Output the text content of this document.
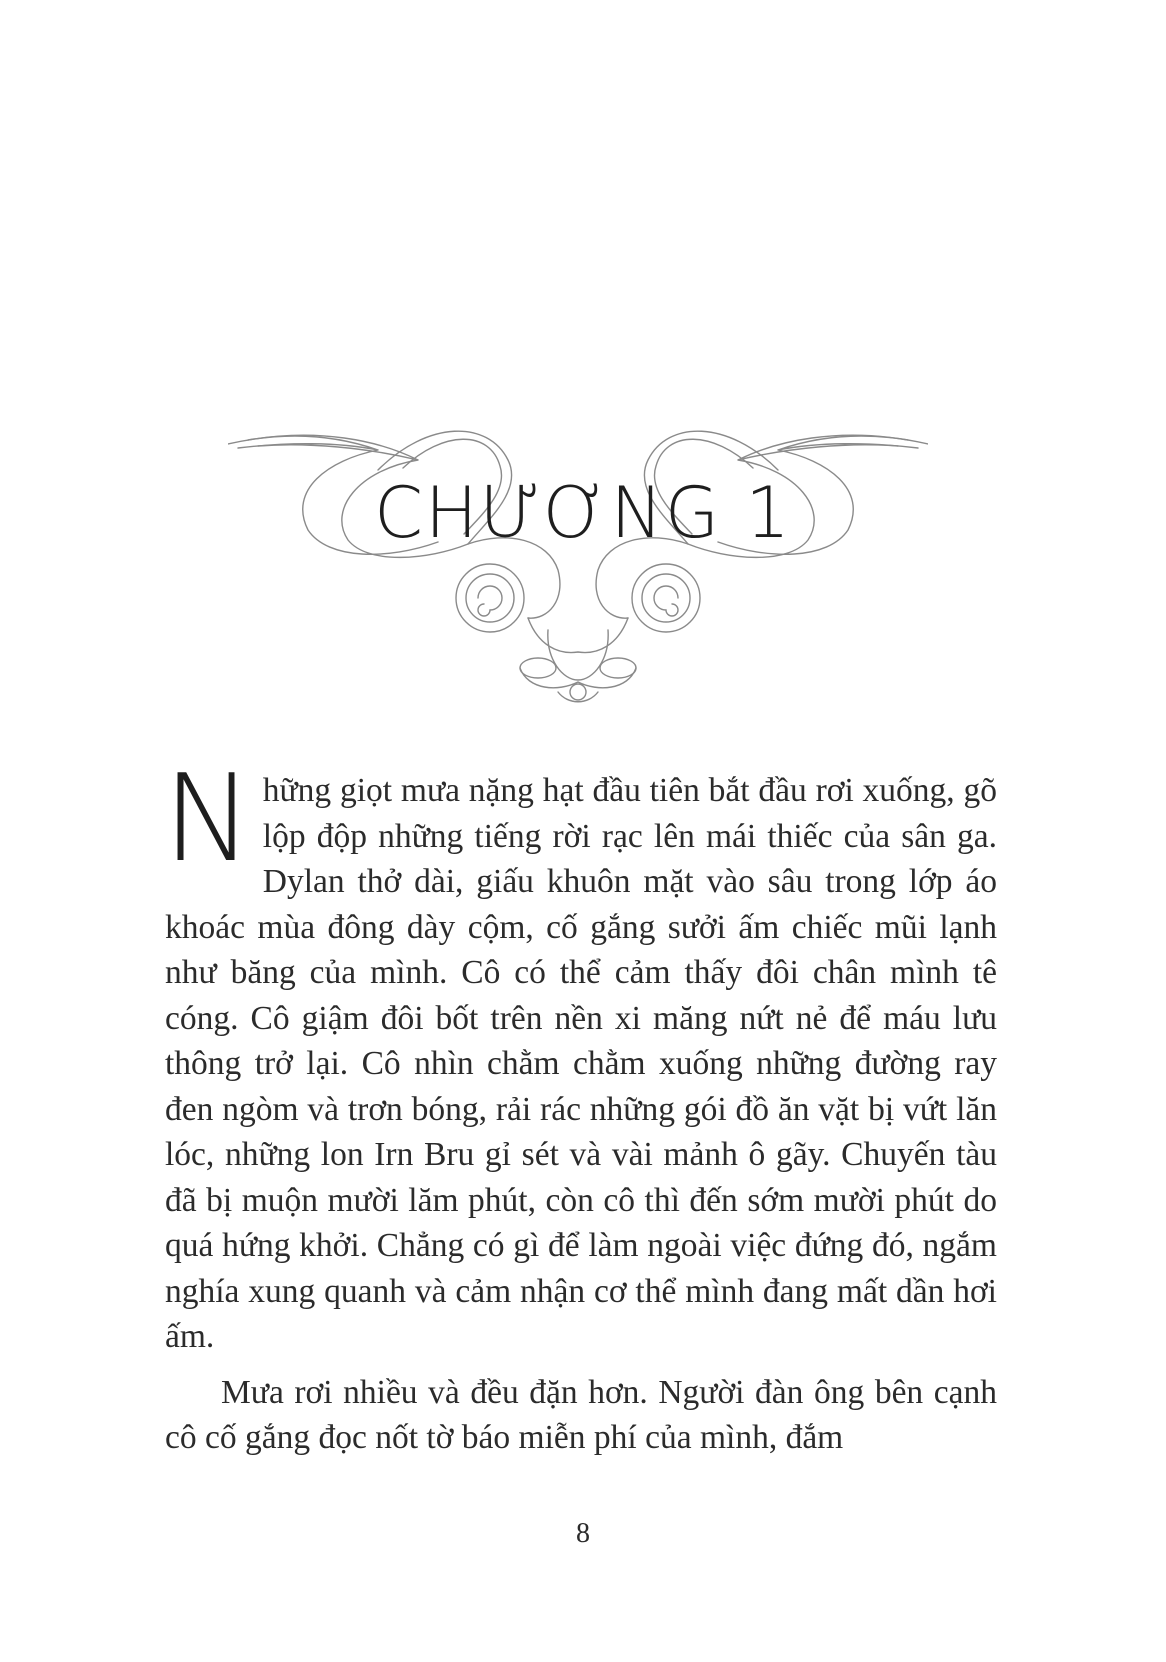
CHƯƠNG 1

Những giọt mưa nặng hạt đầu tiên bắt đầu rơi xuống, gõ lộp độp những tiếng rời rạc lên mái thiếc của sân ga. Dylan thở dài, giấu khuôn mặt vào sâu trong lớp áo khoác mùa đông dày cộm, cố gắng sưởi ấm chiếc mũi lạnh như băng của mình. Cô có thể cảm thấy đôi chân mình tê cóng. Cô giậm đôi bốt trên nền xi măng nứt nẻ để máu lưu thông trở lại. Cô nhìn chằm chằm xuống những đường ray đen ngòm và trơn bóng, rải rác những gói đồ ăn vặt bị vứt lăn lóc, những lon Irn Bru gỉ sét và vài mảnh ô gãy. Chuyến tàu đã bị muộn mười lăm phút, còn cô thì đến sớm mười phút do quá hứng khởi. Chẳng có gì để làm ngoài việc đứng đó, ngắm nghía xung quanh và cảm nhận cơ thể mình đang mất dần hơi ấm.

Mưa rơi nhiều và đều đặn hơn. Người đàn ông bên cạnh cô cố gắng đọc nốt tờ báo miễn phí của mình, đắm

8
